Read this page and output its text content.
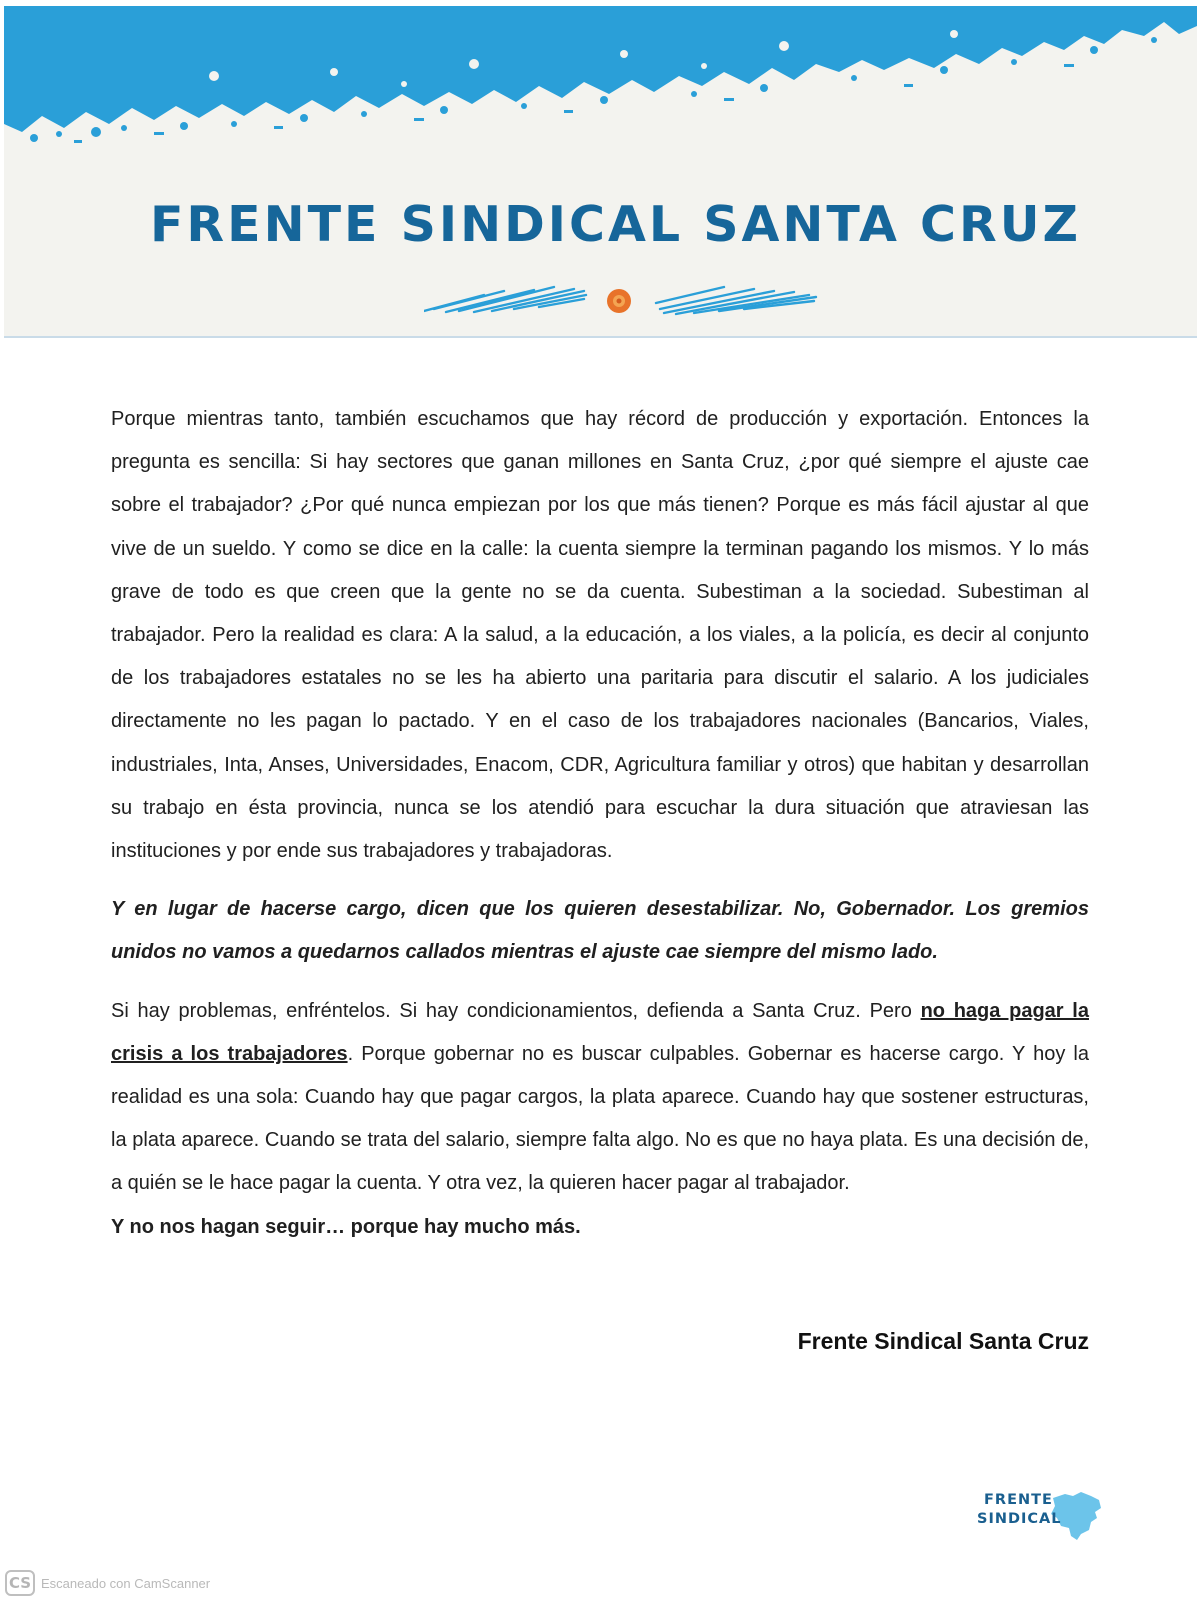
FRENTE SINDICAL SANTA CRUZ

Porque mientras tanto, también escuchamos que hay récord de producción y exportación. Entonces la pregunta es sencilla: Si hay sectores que ganan millones en Santa Cruz, ¿por qué siempre el ajuste cae sobre el trabajador? ¿Por qué nunca empiezan por los que más tienen? Porque es más fácil ajustar al que vive de un sueldo. Y como se dice en la calle: la cuenta siempre la terminan pagando los mismos. Y lo más grave de todo es que creen que la gente no se da cuenta. Subestiman a la sociedad. Subestiman al trabajador. Pero la realidad es clara: A la salud, a la educación, a los viales, a la policía, es decir al conjunto de los trabajadores estatales no se les ha abierto una paritaria para discutir el salario. A los judiciales directamente no les pagan lo pactado. Y en el caso de los trabajadores nacionales (Bancarios, Viales, industriales, Inta, Anses, Universidades, Enacom, CDR, Agricultura familiar y otros) que habitan y desarrollan su trabajo en ésta provincia, nunca se los atendió para escuchar la dura situación que atraviesan las instituciones y por ende sus trabajadores y trabajadoras.

Y en lugar de hacerse cargo, dicen que los quieren desestabilizar. No, Gobernador. Los gremios unidos no vamos a quedarnos callados mientras el ajuste cae siempre del mismo lado.

Si hay problemas, enfréntelos. Si hay condicionamientos, defienda a Santa Cruz. Pero no haga pagar la crisis a los trabajadores. Porque gobernar no es buscar culpables. Gobernar es hacerse cargo. Y hoy la realidad es una sola: Cuando hay que pagar cargos, la plata aparece. Cuando hay que sostener estructuras, la plata aparece. Cuando se trata del salario, siempre falta algo. No es que no haya plata. Es una decisión de, a quién se le hace pagar la cuenta. Y otra vez, la quieren hacer pagar al trabajador.
Y no nos hagan seguir… porque hay mucho más.

Frente Sindical Santa Cruz
FRENTE
SINDICAL
CS Escaneado con CamScanner
